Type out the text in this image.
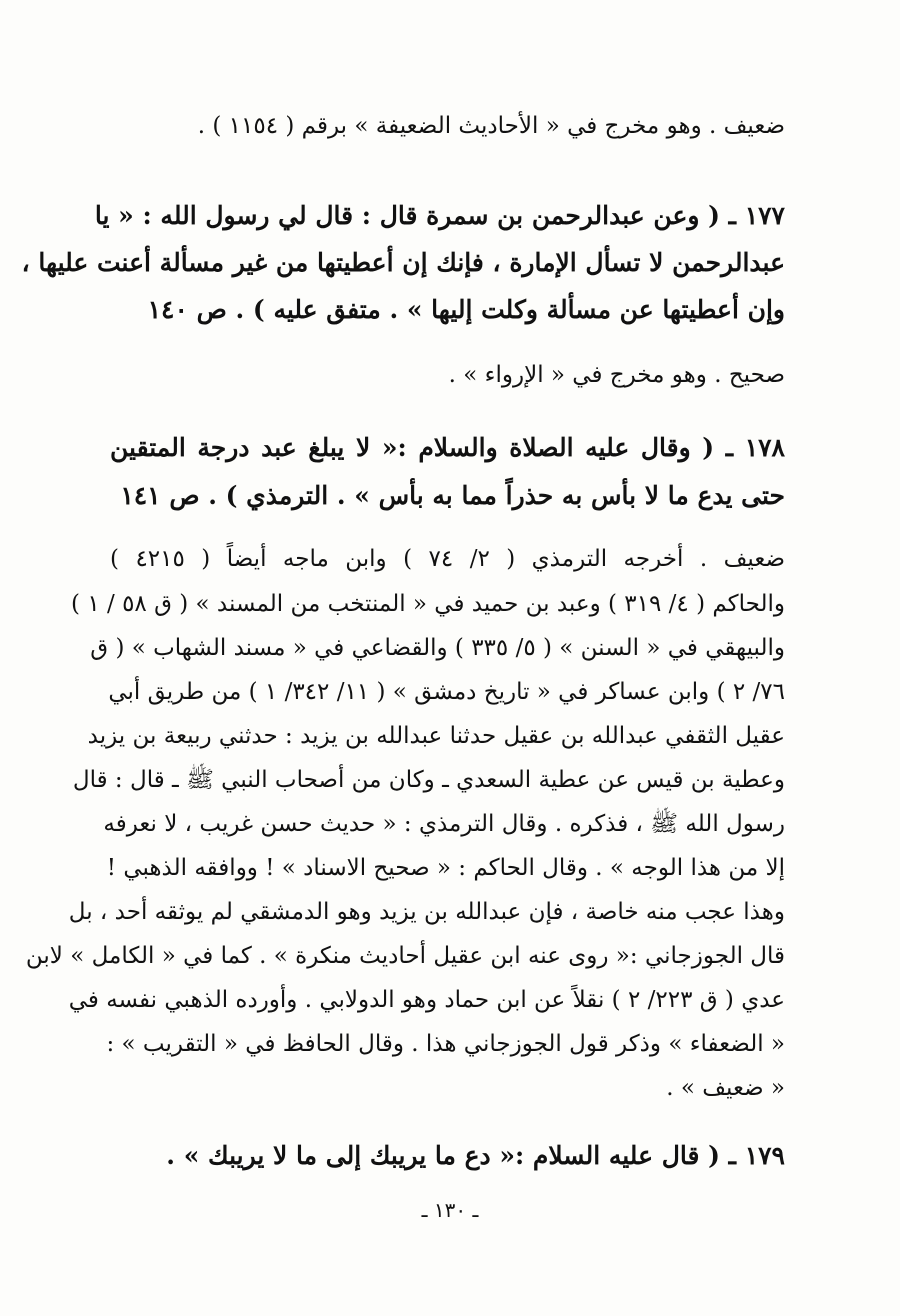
ضعيف . وهو مخرج في « الأحاديث الضعيفة » برقم ( ١١٥٤ ) .
١٧٧ ـ ( وعن عبدالرحمن بن سمرة قال : قال لي رسول الله : « يا
عبدالرحمن لا تسأل الإمارة ، فإنك إن أعطيتها من غير مسألة أعنت عليها ،
وإن أعطيتها عن مسألة وكلت إليها » . متفق عليه ) . ص ١٤٠
صحيح . وهو مخرج في « الإرواء » .
١٧٨ ـ ( وقال عليه الصلاة والسلام :« لا يبلغ عبد درجة المتقين
حتى يدع ما لا بأس به حذراً مما به بأس » . الترمذي ) . ص ١٤١
ضعيف . أخرجه الترمذي ( ٢/ ٧٤ ) وابن ماجه أيضاً ( ٤٢١٥ )
والحاكم ( ٤/ ٣١٩ ) وعبد بن حميد في « المنتخب من المسند » ( ق ٥٨ / ١ )
والبيهقي في « السنن » ( ٥/ ٣٣٥ ) والقضاعي في « مسند الشهاب » ( ق
٧٦/ ٢ ) وابن عساكر في « تاريخ دمشق » ( ١١/ ٣٤٢/ ١ ) من طريق أبي
عقيل الثقفي عبدالله بن عقيل حدثنا عبدالله بن يزيد : حدثني ربيعة بن يزيد
وعطية بن قيس عن عطية السعدي ـ وكان من أصحاب النبي ﷺ ـ قال : قال
رسول الله ﷺ ، فذكره . وقال الترمذي : « حديث حسن غريب ، لا نعرفه
إلا من هذا الوجه » . وقال الحاكم : « صحيح الاسناد » ! ووافقه الذهبي !
وهذا عجب منه خاصة ، فإن عبدالله بن يزيد وهو الدمشقي لم يوثقه أحد ، بل
قال الجوزجاني :« روى عنه ابن عقيل أحاديث منكرة » . كما في « الكامل » لابن
عدي ( ق ٢٢٣/ ٢ ) نقلاً عن ابن حماد وهو الدولابي . وأورده الذهبي نفسه في
« الضعفاء » وذكر قول الجوزجاني هذا . وقال الحافظ في « التقريب » :
« ضعيف » .
١٧٩ ـ ( قال عليه السلام :« دع ما يريبك إلى ما لا يريبك » .
ـ ١٣٠ ـ
